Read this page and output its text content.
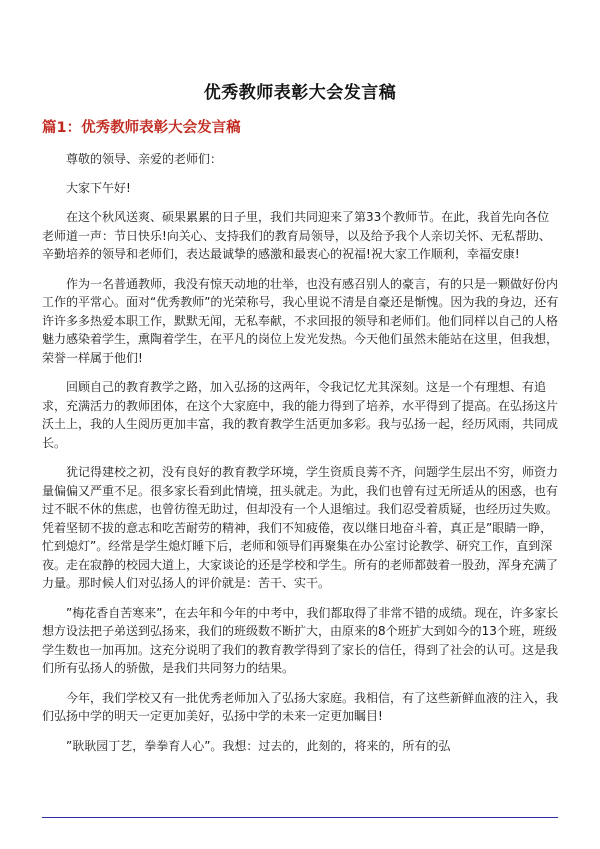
优秀教师表彰大会发言稿
篇1：优秀教师表彰大会发言稿

尊敬的领导、亲爱的老师们：

大家下午好!

在这个秋风送爽、硕果累累的日子里，我们共同迎来了第33个教师节。在此，我首先向各位老师道一声：节日快乐!向关心、支持我们的教育局领导，以及给予我个人亲切关怀、无私帮助、辛勤培养的领导和老师们，表达最诚挚的感激和最衷心的祝福!祝大家工作顺利，幸福安康!

作为一名普通教师，我没有惊天动地的壮举，也没有感召别人的豪言，有的只是一颗做好份内工作的平常心。面对“优秀教师”的光荣称号，我心里说不清是自豪还是惭愧。因为我的身边，还有许许多多热爱本职工作，默默无闻，无私奉献，不求回报的领导和老师们。他们同样以自己的人格魅力感染着学生，熏陶着学生，在平凡的岗位上发光发热。今天他们虽然未能站在这里，但我想，荣誉一样属于他们!

回顾自己的教育教学之路，加入弘扬的这两年，令我记忆尤其深刻。这是一个有理想、有追求，充满活力的教师团体，在这个大家庭中，我的能力得到了培养，水平得到了提高。在弘扬这片沃土上，我的人生阅历更加丰富，我的教育教学生活更加多彩。我与弘扬一起，经历风雨，共同成长。

犹记得建校之初，没有良好的教育教学环境，学生资质良莠不齐，问题学生层出不穷，师资力量偏偏又严重不足。很多家长看到此情境，扭头就走。为此，我们也曾有过无所适从的困惑，也有过不眠不休的焦虑，也曾彷徨无助过，但却没有一个人退缩过。我们忍受着质疑，也经历过失败。凭着坚韧不拔的意志和吃苦耐劳的精神，我们不知疲倦，夜以继日地奋斗着，真正是”眼睛一睁，忙到熄灯”。经常是学生熄灯睡下后，老师和领导们再聚集在办公室讨论教学、研究工作，直到深夜。走在寂静的校园大道上，大家谈论的还是学校和学生。所有的老师都鼓着一股劲，浑身充满了力量。那时候人们对弘扬人的评价就是：苦干、实干。

”梅花香自苦寒来”，在去年和今年的中考中，我们都取得了非常不错的成绩。现在，许多家长想方设法把子弟送到弘扬来，我们的班级数不断扩大，由原来的8个班扩大到如今的13个班，班级学生数也一加再加。这充分说明了我们的教育教学得到了家长的信任，得到了社会的认可。这是我们所有弘扬人的骄傲，是我们共同努力的结果。

今年，我们学校又有一批优秀老师加入了弘扬大家庭。我相信，有了这些新鲜血液的注入，我们弘扬中学的明天一定更加美好，弘扬中学的未来一定更加瞩目!

”耿耿园丁艺，拳拳育人心”。我想：过去的，此刻的，将来的，所有的弘
